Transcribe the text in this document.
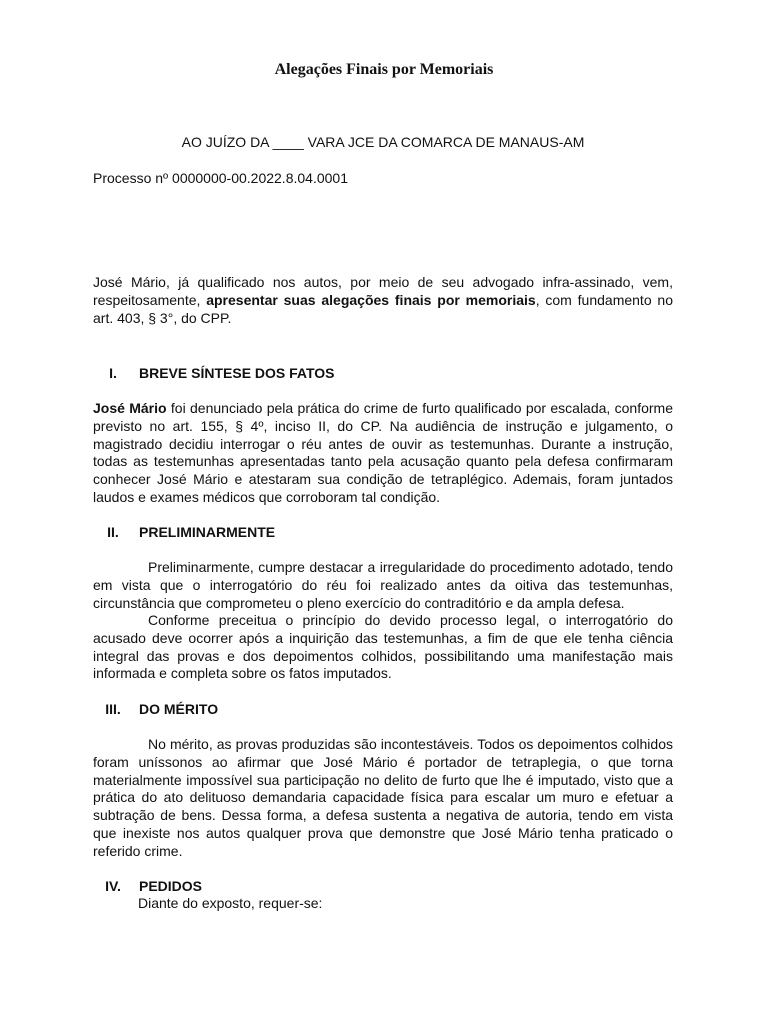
Alegações Finais por Memoriais
AO JUÍZO DA ____ VARA JCE DA COMARCA DE MANAUS-AM
Processo nº 0000000-00.2022.8.04.0001

José Mário, já qualificado nos autos, por meio de seu advogado infra-assinado, vem, respeitosamente, apresentar suas alegações finais por memoriais, com fundamento no art. 403, § 3°, do CPP.

I.	BREVE SÍNTESE DOS FATOS

José Mário foi denunciado pela prática do crime de furto qualificado por escalada, conforme previsto no art. 155, § 4º, inciso II, do CP. Na audiência de instrução e julgamento, o magistrado decidiu interrogar o réu antes de ouvir as testemunhas. Durante a instrução, todas as testemunhas apresentadas tanto pela acusação quanto pela defesa confirmaram conhecer José Mário e atestaram sua condição de tetraplégico. Ademais, foram juntados laudos e exames médicos que corroboram tal condição.

II.	PRELIMINARMENTE

Preliminarmente, cumpre destacar a irregularidade do procedimento adotado, tendo em vista que o interrogatório do réu foi realizado antes da oitiva das testemunhas, circunstância que comprometeu o pleno exercício do contraditório e da ampla defesa.

Conforme preceitua o princípio do devido processo legal, o interrogatório do acusado deve ocorrer após a inquirição das testemunhas, a fim de que ele tenha ciência integral das provas e dos depoimentos colhidos, possibilitando uma manifestação mais informada e completa sobre os fatos imputados.

III.	DO MÉRITO

No mérito, as provas produzidas são incontestáveis. Todos os depoimentos colhidos foram uníssonos ao afirmar que José Mário é portador de tetraplegia, o que torna materialmente impossível sua participação no delito de furto que lhe é imputado, visto que a prática do ato delituoso demandaria capacidade física para escalar um muro e efetuar a subtração de bens. Dessa forma, a defesa sustenta a negativa de autoria, tendo em vista que inexiste nos autos qualquer prova que demonstre que José Mário tenha praticado o referido crime.

IV.	PEDIDOS
Diante do exposto, requer-se:
